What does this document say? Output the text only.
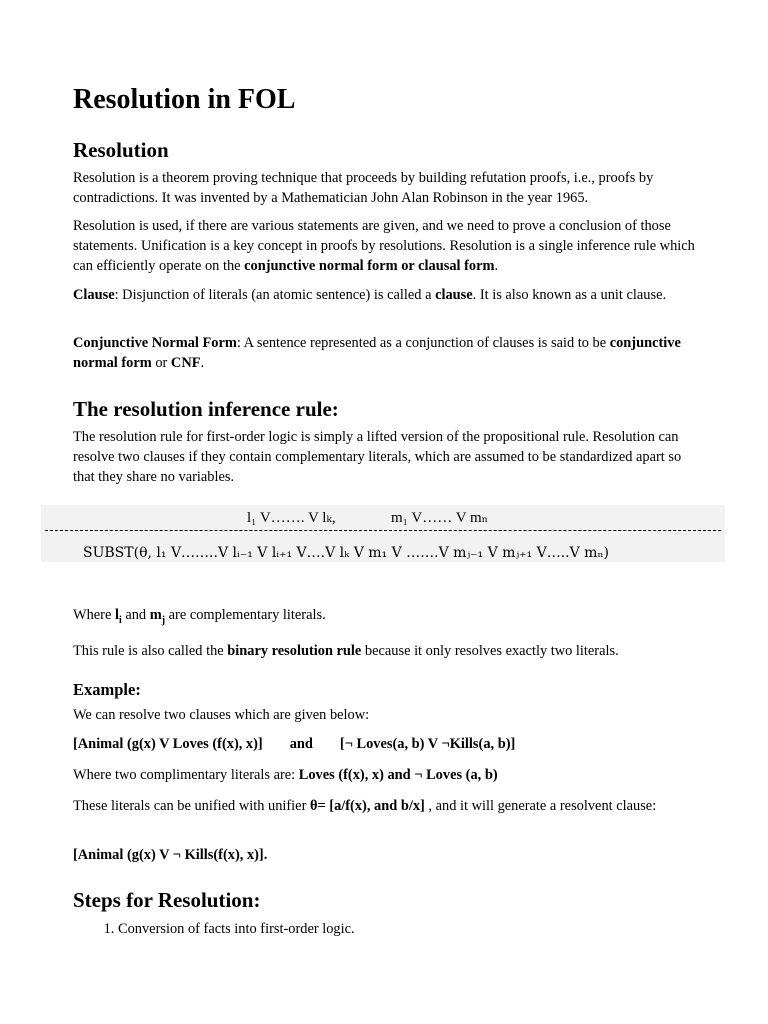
Resolution in FOL
Resolution

Resolution is a theorem proving technique that proceeds by building refutation proofs, i.e., proofs by contradictions. It was invented by a Mathematician John Alan Robinson in the year 1965.

Resolution is used, if there are various statements are given, and we need to prove a conclusion of those statements. Unification is a key concept in proofs by resolutions. Resolution is a single inference rule which can efficiently operate on the conjunctive normal form or clausal form.

Clause: Disjunction of literals (an atomic sentence) is called a clause. It is also known as a unit clause.

Conjunctive Normal Form: A sentence represented as a conjunction of clauses is said to be conjunctive normal form or CNF.

The resolution inference rule:

The resolution rule for first-order logic is simply a lifted version of the propositional rule. Resolution can resolve two clauses if they contain complementary literals, which are assumed to be standardized apart so that they share no variables.

Where $l_i$ and $m_j$ are complementary literals.

This rule is also called the binary resolution rule because it only resolves exactly two literals.

Example:

We can resolve two clauses which are given below:

[Animal (g(x) V Loves (f(x), x)] and [¬ Loves(a, b) V ¬Kills(a, b)]

Where two complimentary literals are: Loves (f(x), x) and ¬ Loves (a, b)

These literals can be unified with unifier θ= [a/f(x), and b/x] , and it will generate a resolvent clause:

[Animal (g(x) V ¬ Kills(f(x), x)].

Steps for Resolution:
1. Conversion of facts into first-order logic.
l₁ V……. V lₖ,	m₁ V…… V mₙ
SUBST(θ, l₁ V……..V lᵢ₋₁ V lᵢ₊₁ V….V lₖ V m₁ V …….V mⱼ₋₁ V mⱼ₊₁ V…..V mₙ)
